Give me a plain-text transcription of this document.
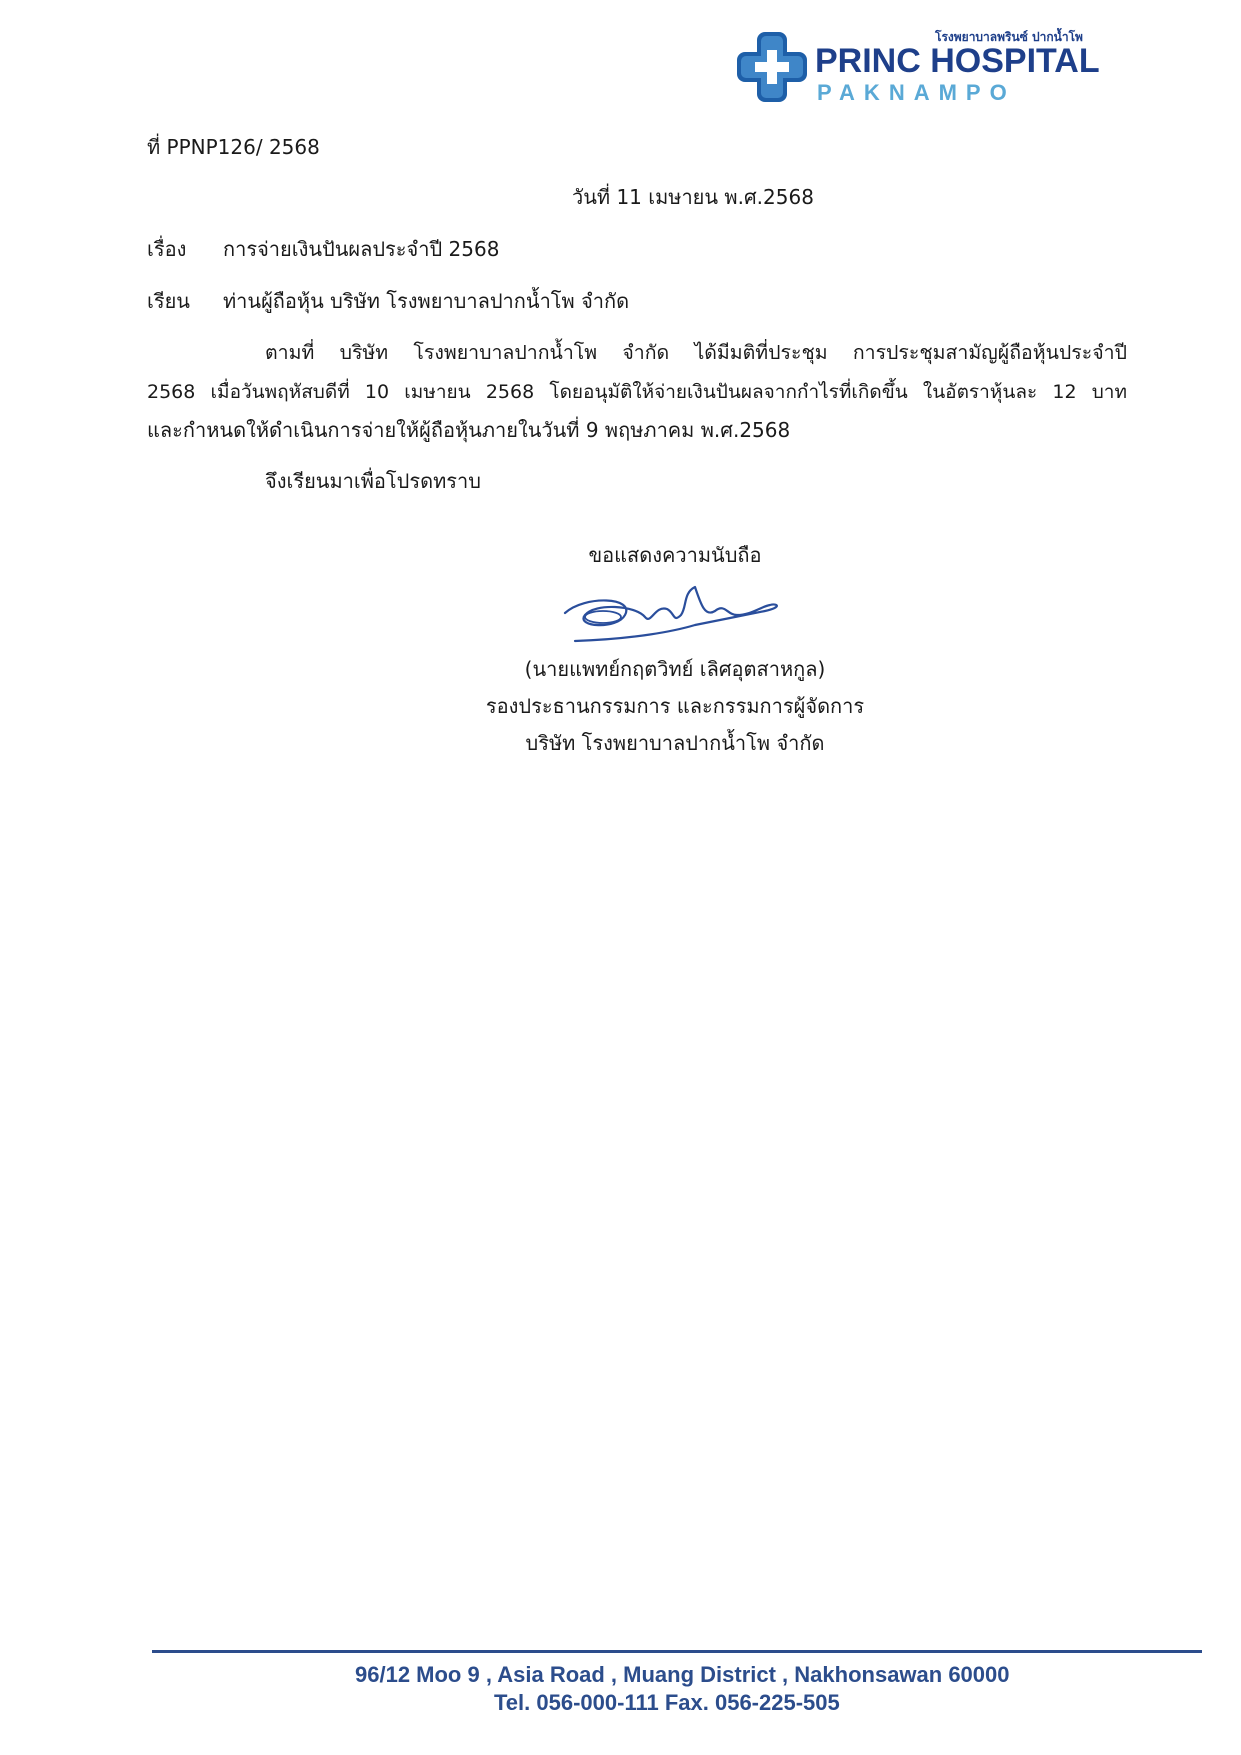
โรงพยาบาลพรินซ์ ปากน้ำโพ
PRINC HOSPITAL
PAKNAMPO
ที่ PPNP126/ 2568
วันที่ 11 เมษายน พ.ศ.2568
เรื่อง การจ่ายเงินปันผลประจำปี 2568
เรียน ท่านผู้ถือหุ้น บริษัท โรงพยาบาลปากน้ำโพ จำกัด
ตามที่ บริษัท โรงพยาบาลปากน้ำโพ จำกัด ได้มีมติที่ประชุม การประชุมสามัญผู้ถือหุ้นประจำปี
2568 เมื่อวันพฤหัสบดีที่ 10 เมษายน 2568 โดยอนุมัติให้จ่ายเงินปันผลจากกำไรที่เกิดขึ้น ในอัตราหุ้นละ 12 บาท
และกำหนดให้ดำเนินการจ่ายให้ผู้ถือหุ้นภายในวันที่ 9 พฤษภาคม พ.ศ.2568
จึงเรียนมาเพื่อโปรดทราบ
ขอแสดงความนับถือ
(นายแพทย์กฤตวิทย์ เลิศอุตสาหกูล)
รองประธานกรรมการ และกรรมการผู้จัดการ
บริษัท โรงพยาบาลปากน้ำโพ จำกัด
96/12 Moo 9 , Asia Road , Muang District , Nakhonsawan 60000
Tel. 056-000-111 Fax. 056-225-505
